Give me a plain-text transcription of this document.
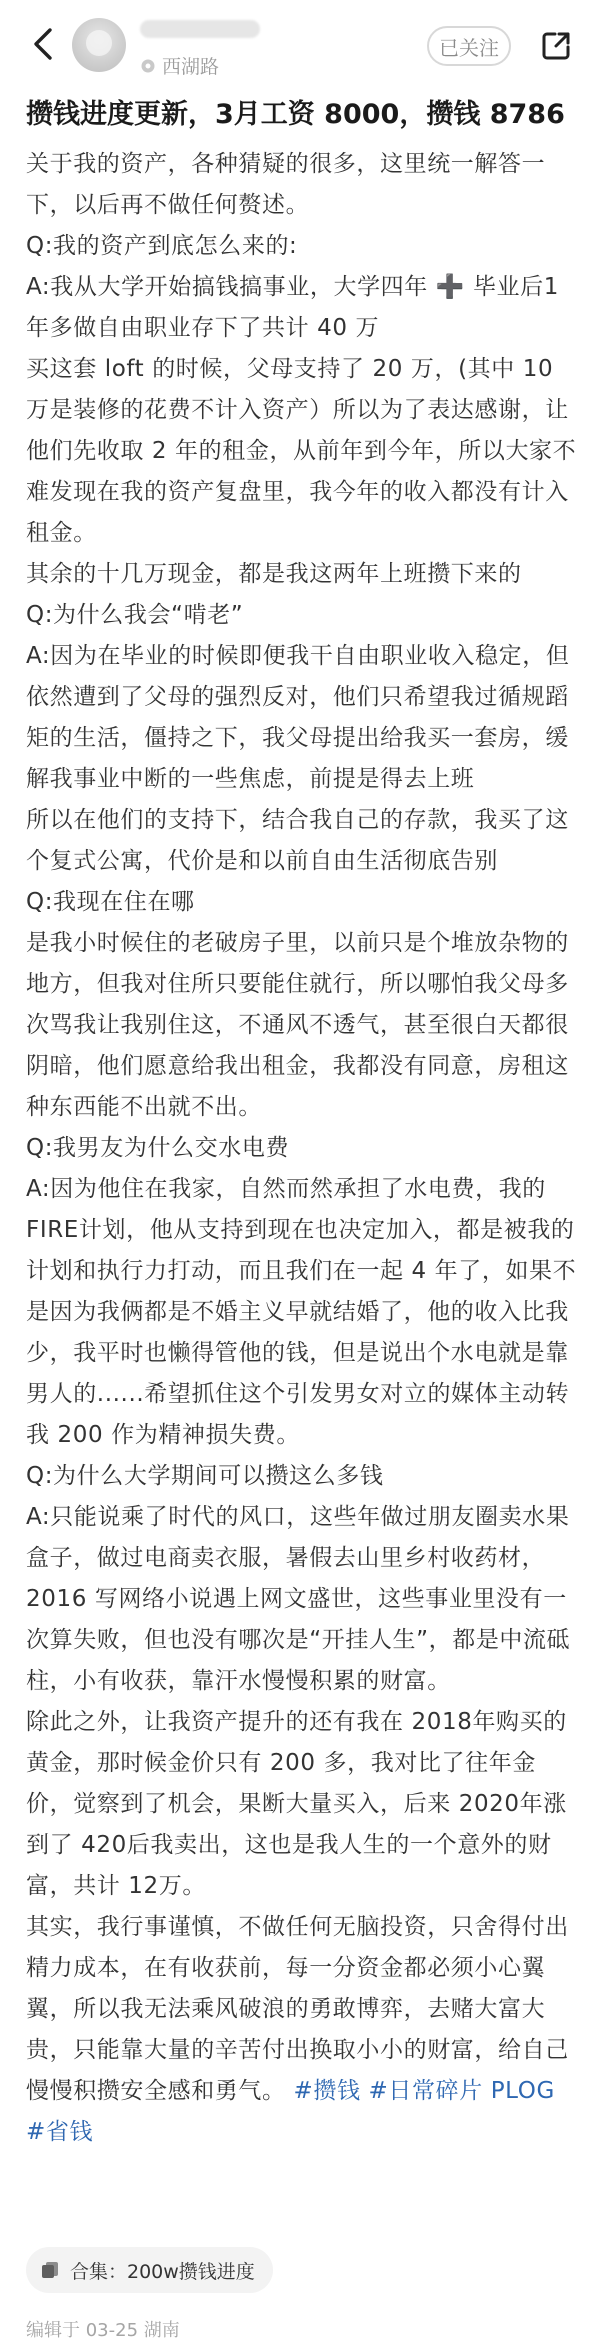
西湖路
已关注
攒钱进度更新，3月工资 8000，攒钱 8786
关于我的资产，各种猜疑的很多，这里统一解答一下，以后再不做任何赘述。
Q:我的资产到底怎么来的:
A:我从大学开始搞钱搞事业，大学四年 ➕ 毕业后1年多做自由职业存下了共计 40 万
买这套 loft 的时候，父母支持了 20 万，(其中 10 万是装修的花费不计入资产）所以为了表达感谢，让他们先收取 2 年的租金，从前年到今年，所以大家不难发现在我的资产复盘里，我今年的收入都没有计入租金。
其余的十几万现金，都是我这两年上班攒下来的
Q:为什么我会“啃老”
A:因为在毕业的时候即便我干自由职业收入稳定，但依然遭到了父母的强烈反对，他们只希望我过循规蹈矩的生活，僵持之下，我父母提出给我买一套房，缓解我事业中断的一些焦虑，前提是得去上班
所以在他们的支持下，结合我自己的存款，我买了这个复式公寓，代价是和以前自由生活彻底告别
Q:我现在住在哪
是我小时候住的老破房子里，以前只是个堆放杂物的地方，但我对住所只要能住就行，所以哪怕我父母多次骂我让我别住这，不通风不透气，甚至很白天都很阴暗，他们愿意给我出租金，我都没有同意，房租这种东西能不出就不出。
Q:我男友为什么交水电费
A:因为他住在我家，自然而然承担了水电费，我的FIRE计划，他从支持到现在也决定加入，都是被我的计划和执行力打动，而且我们在一起 4 年了，如果不是因为我俩都是不婚主义早就结婚了，他的收入比我少，我平时也懒得管他的钱，但是说出个水电就是靠男人的......希望抓住这个引发男女对立的媒体主动转我 200 作为精神损失费。
Q:为什么大学期间可以攒这么多钱
A:只能说乘了时代的风口，这些年做过朋友圈卖水果盒子，做过电商卖衣服，暑假去山里乡村收药材，2016 写网络小说遇上网文盛世，这些事业里没有一次算失败，但也没有哪次是“开挂人生”，都是中流砥柱，小有收获，靠汗水慢慢积累的财富。
除此之外，让我资产提升的还有我在 2018年购买的黄金，那时候金价只有 200 多，我对比了往年金价，觉察到了机会，果断大量买入，后来 2020年涨到了 420后我卖出，这也是我人生的一个意外的财富，共计 12万。
其实，我行事谨慎，不做任何无脑投资，只舍得付出精力成本，在有收获前，每一分资金都必须小心翼翼，所以我无法乘风破浪的勇敢博弈，去赌大富大贵，只能靠大量的辛苦付出换取小小的财富，给自己慢慢积攒安全感和勇气。 #攒钱 #日常碎片 PLOG #省钱
合集：200w攒钱进度
编辑于 03-25 湖南
